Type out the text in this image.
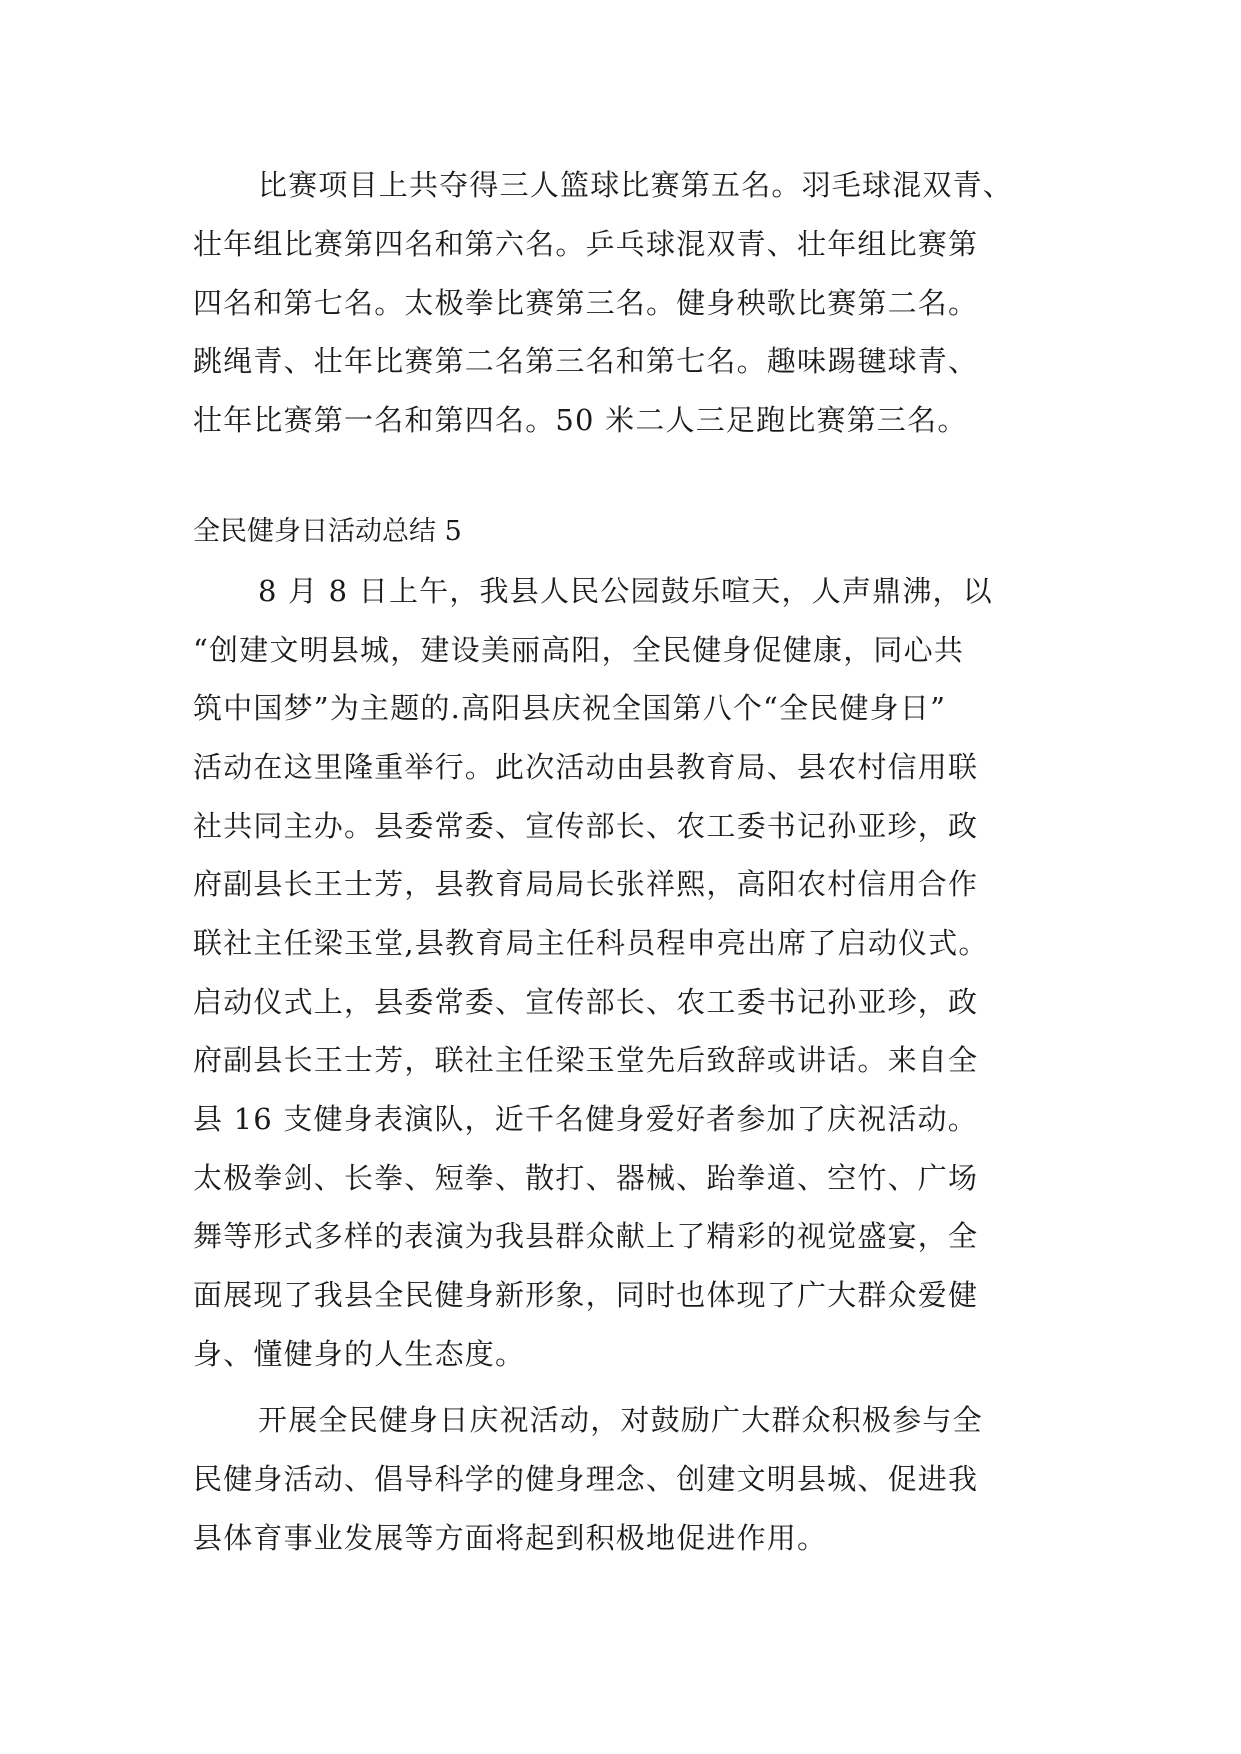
比赛项目上共夺得三人篮球比赛第五名。羽毛球混双青、
壮年组比赛第四名和第六名。乒乓球混双青、壮年组比赛第
四名和第七名。太极拳比赛第三名。健身秧歌比赛第二名。
跳绳青、壮年比赛第二名第三名和第七名。趣味踢毽球青、
壮年比赛第一名和第四名。50 米二人三足跑比赛第三名。
全民健身日活动总结 5
8 月 8 日上午，我县人民公园鼓乐喧天，人声鼎沸，以
“创建文明县城，建设美丽高阳，全民健身促健康，同心共
筑中国梦”为主题的.高阳县庆祝全国第八个“全民健身日”
活动在这里隆重举行。此次活动由县教育局、县农村信用联
社共同主办。县委常委、宣传部长、农工委书记孙亚珍，政
府副县长王士芳，县教育局局长张祥熙，高阳农村信用合作
联社主任梁玉堂,县教育局主任科员程申亮出席了启动仪式。
启动仪式上，县委常委、宣传部长、农工委书记孙亚珍，政
府副县长王士芳，联社主任梁玉堂先后致辞或讲话。来自全
县 16 支健身表演队，近千名健身爱好者参加了庆祝活动。
太极拳剑、长拳、短拳、散打、器械、跆拳道、空竹、广场
舞等形式多样的表演为我县群众献上了精彩的视觉盛宴，全
面展现了我县全民健身新形象，同时也体现了广大群众爱健
身、懂健身的人生态度。
开展全民健身日庆祝活动，对鼓励广大群众积极参与全
民健身活动、倡导科学的健身理念、创建文明县城、促进我
县体育事业发展等方面将起到积极地促进作用。
